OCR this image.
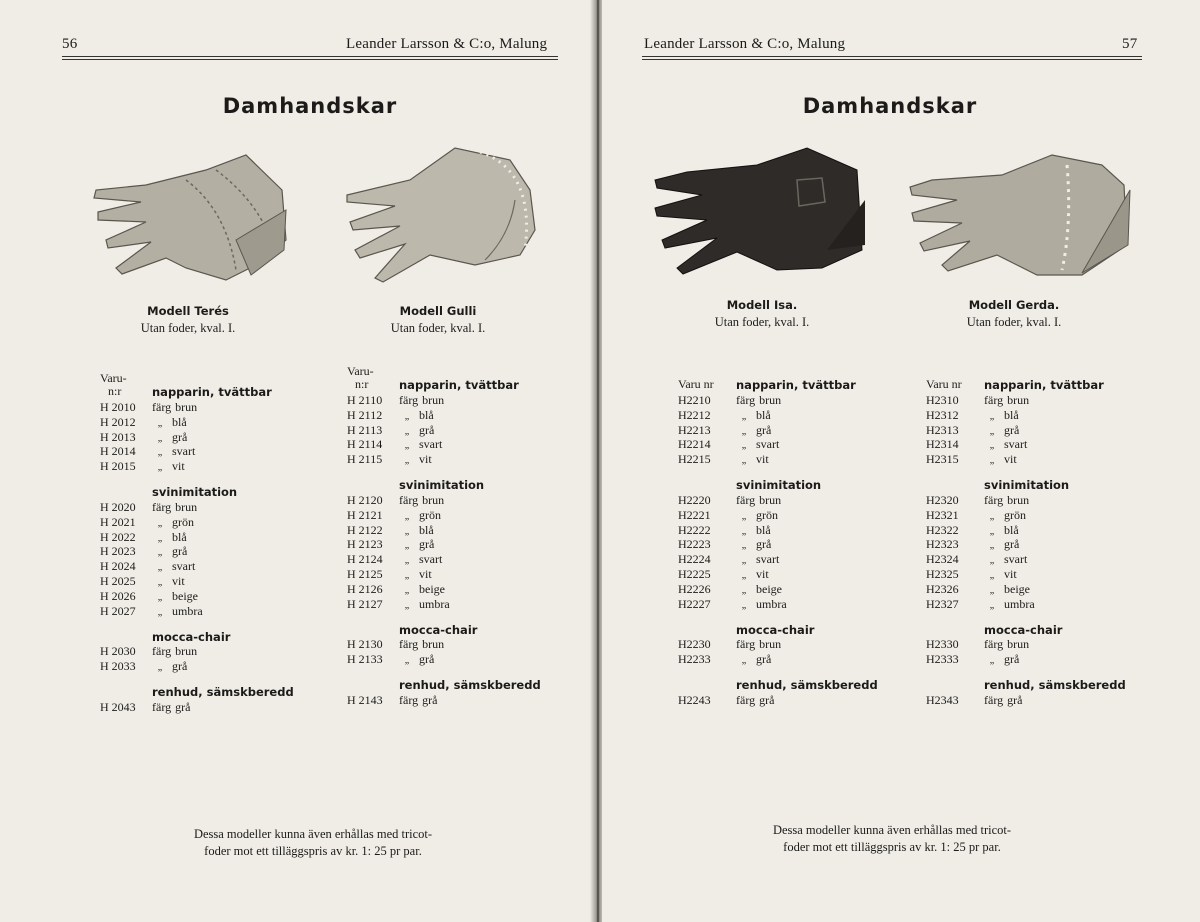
56	Leander Larsson & C:o, Malung
Damhandskar
Modell Terés
Utan foder, kval. I.
Modell Gulli
Utan foder, kval. I.
Varu-
n:r	napparin, tvättbar
H 2010 färg brun
H 2012	„ blå
H 2013	„ grå
H 2014	„ svart
H 2015	„ vit
svinimitation
H 2020 färg brun
H 2021	„ grön
H 2022	„ blå
H 2023	„ grå
H 2024	„ svart
H 2025	„ vit
H 2026	„ beige
H 2027	„ umbra
mocca-chair
H 2030 färg brun
H 2033	„ grå
renhud, sämskberedd
H 2043 färg grå
Varu-
n:r	napparin, tvättbar
H 2110 färg brun
H 2112	„ blå
H 2113	„ grå
H 2114	„ svart
H 2115	„ vit
svinimitation
H 2120 färg brun
H 2121	„ grön
H 2122	„ blå
H 2123	„ grå
H 2124	„ svart
H 2125	„ vit
H 2126	„ beige
H 2127	„ umbra
mocca-chair
H 2130 färg brun
H 2133	„ grå
renhud, sämskberedd
H 2143 färg grå
Dessa modeller kunna även erhållas med tricot-
foder mot ett tilläggspris av kr. 1: 25 pr par.
Leander Larsson & C:o, Malung	57
Damhandskar
Modell Isa.
Utan foder, kval. I.
Modell Gerda.
Utan foder, kval. I.
Varu nr napparin, tvättbar
H2210 färg brun
H2212	„ blå
H2213	„ grå
H2214	„ svart
H2215	„ vit
svinimitation
H2220 färg brun
H2221	„ grön
H2222	„ blå
H2223	„ grå
H2224	„ svart
H2225	„ vit
H2226	„ beige
H2227	„ umbra
mocca-chair
H2230 färg brun
H2233	„ grå
renhud, sämskberedd
H2243 färg grå
Varu nr napparin, tvättbar
H2310 färg brun
H2312	„ blå
H2313	„ grå
H2314	„ svart
H2315	„ vit
svinimitation
H2320 färg brun
H2321	„ grön
H2322	„ blå
H2323	„ grå
H2324	„ svart
H2325	„ vit
H2326	„ beige
H2327	„ umbra
mocca-chair
H2330 färg brun
H2333	„ grå
renhud, sämskberedd
H2343 färg grå
Dessa modeller kunna även erhållas med tricot-
foder mot ett tilläggspris av kr. 1: 25 pr par.
